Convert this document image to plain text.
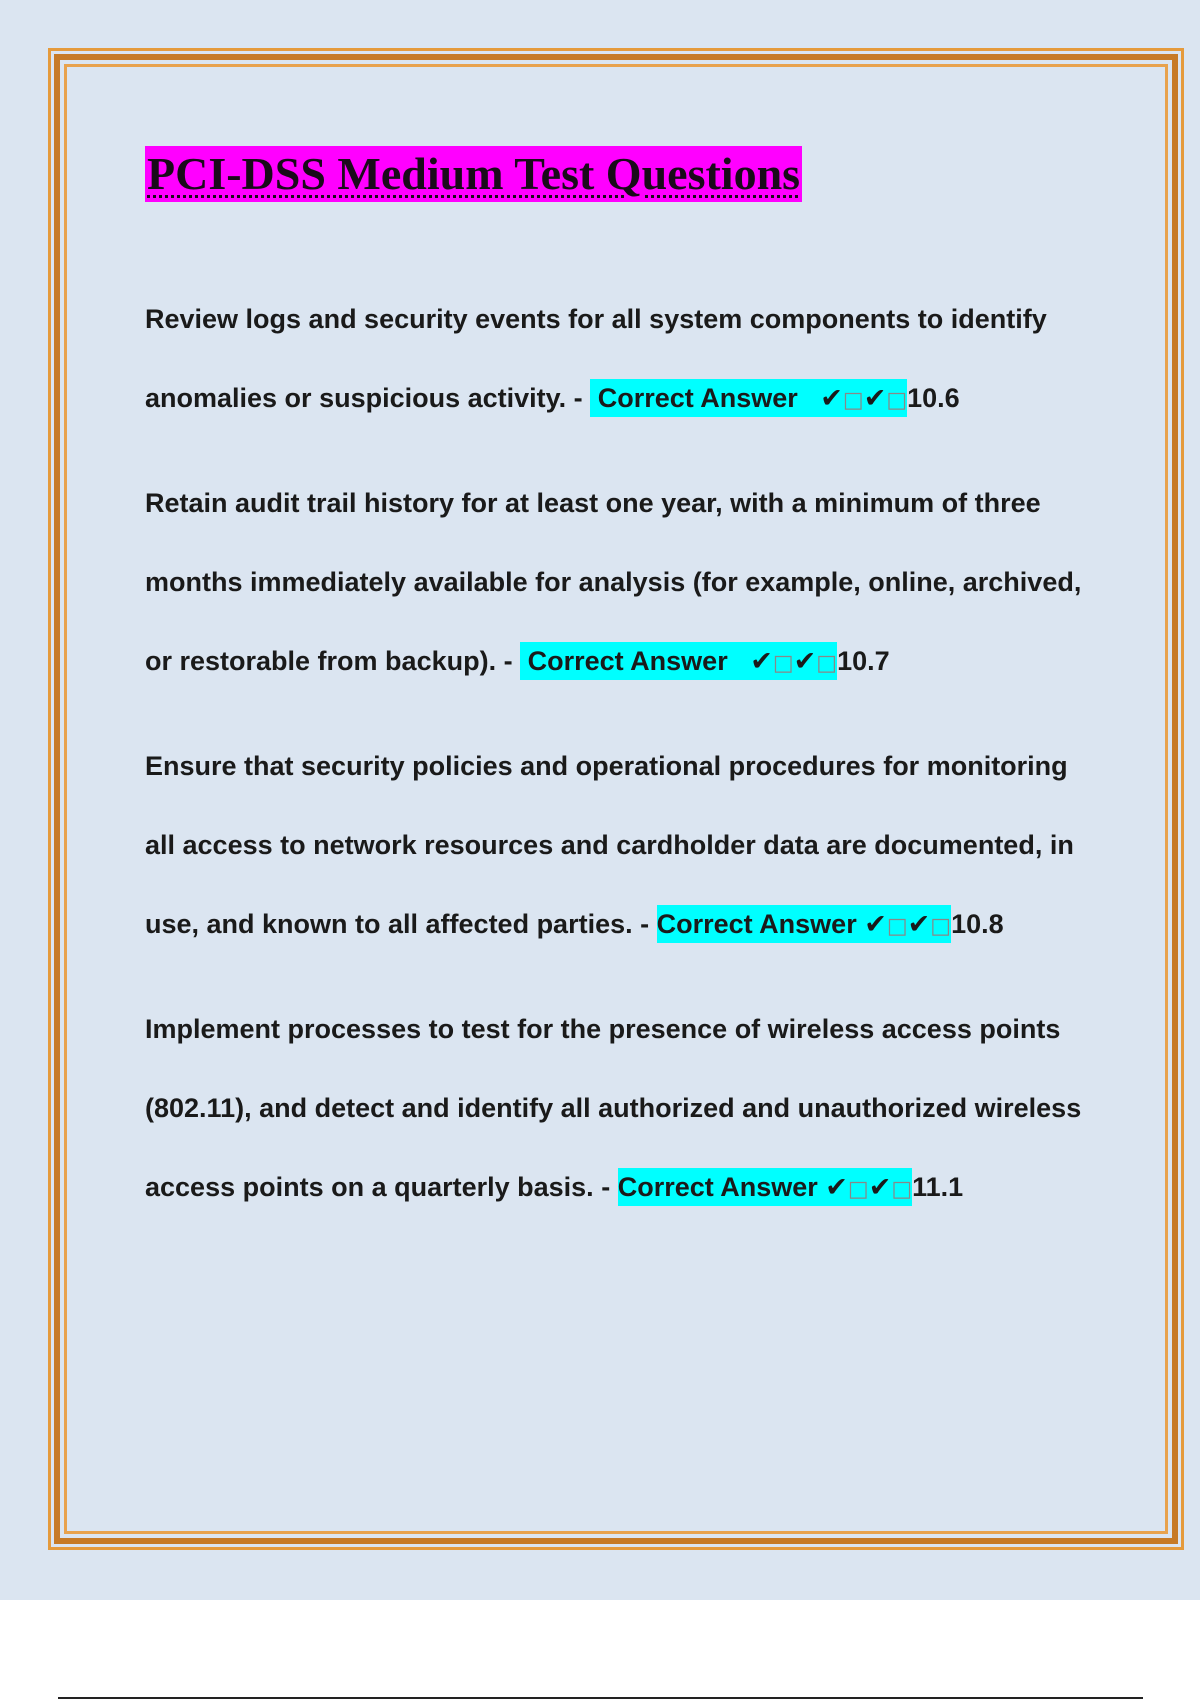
PCI-DSS Medium Test Questions

Review logs and security events for all system components to identify anomalies or suspicious activity. - Correct Answer ✔□✔□10.6

Retain audit trail history for at least one year, with a minimum of three months immediately available for analysis (for example, online, archived, or restorable from backup). - Correct Answer ✔□✔□10.7

Ensure that security policies and operational procedures for monitoring all access to network resources and cardholder data are documented, in use, and known to all affected parties. - Correct Answer ✔□✔□10.8

Implement processes to test for the presence of wireless access points (802.11), and detect and identify all authorized and unauthorized wireless access points on a quarterly basis. - Correct Answer ✔□✔□11.1
